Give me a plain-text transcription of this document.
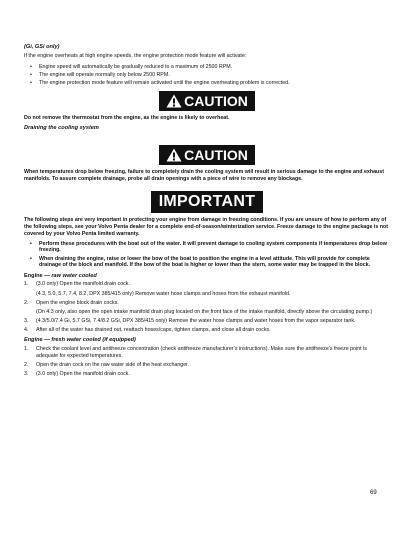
(Gi, GSi only)
If the engine overheats at high engine speeds, the engine protection mode feature will activate:
• Engine speed will automatically be gradually reduced to a maximum of 2500 RPM.
• The engine will operate normally only below 2500 RPM.
• The engine protection mode feature will remain activated until the engine overheating problem is corrected.
CAUTION
Do not remove the thermostat from the engine, as the engine is likely to overheat.
Draining the cooling system
CAUTION
When temperatures drop below freezing, failure to completely drain the cooling system will result in serious damage to the engine and exhaust manifolds. To assure complete drainage, probe all drain openings with a piece of wire to remove any blockage.
IMPORTANT
The following steps are very important in protecting your engine from damage in freezing conditions. If you are unsure of how to perform any of the following steps, see your Volvo Penta dealer for a complete end-of-season/winterization service. Freeze damage to the engine package is not covered by your Volvo Penta limited warranty.
• Perform these procedures with the boat out of the water. It will prevent damage to cooling system components if temperatures drop below freezing.
• When draining the engine, raise or lower the bow of the boat to position the engine in a level attitude. This will provide for complete drainage of the block and manifold. If the bow of the boat is higher or lower than the stern, some water may be trapped in the block.
Engine — raw water cooled
1. (3.0 only) Open the manifold drain cock.
(4.3, 5.0, 5.7, 7.4, 8.2, DPX 385/415 only) Remove water hose clamps and hoses from the exhaust manifold.
2. Open the engine block drain cocks.
(On 4.3 only, also open the open intake manifold drain plug located on the front face of the intake manifold, directly above the circulating pump.)
3. (4.3/5.0/7.4 Gi, 5.7 GSi, 7.4/8.2 GSi, DPX 385/415 only) Remove the water hose clamps and water hoses from the vapor separator tank.
4. After all of the water has drained out, reattach hoses/caps, tighten clamps, and close all drain cocks.
Engine — fresh water cooled (if equipped)
1. Check the coolant level and antifreeze concentration (check antifreeze manufacturer’s instructions). Make sure the antifreeze’s freeze point is adequate for expected temperatures.
2. Open the drain cock on the raw water side of the heat exchanger.
3. (3.0 only) Open the manifold drain cock.
69
